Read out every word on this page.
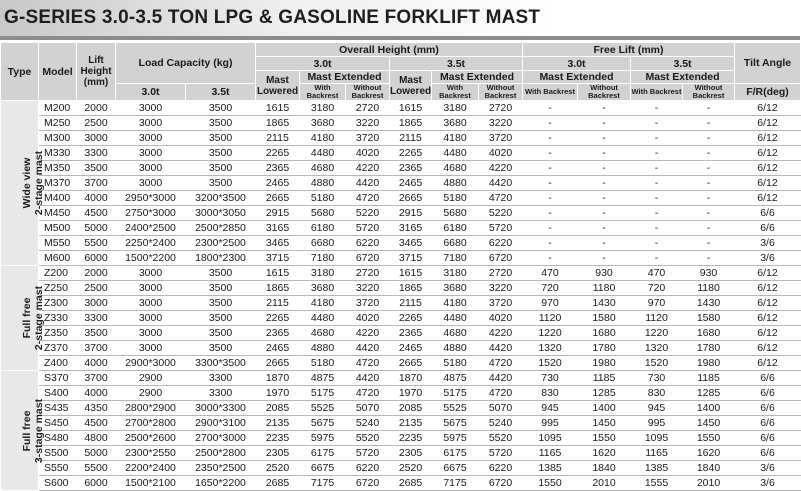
G-SERIES 3.0-3.5 TON LPG & GASOLINE FORKLIFT MAST
Type	Model	Lift Height (mm)	Load Capacity (kg)		Overall Height (mm)						Free Lift (mm)				Tilt Angle
					3.0t			3.5t			3.0t		3.5t		
					Mast Lowered	Mast Extended		Mast Lowered	Mast Extended		Mast Extended		Mast Extended		
			3.0t	3.5t		With Backrest	Without Backrest		With Backrest	Without Backrest	With Backrest	Without Backrest	With Backrest	Without Backrest	F/R(deg)

Wide view 2-stage mast	M200	2000	3000	3500	1615	3180	2720	1615	3180	2720	-	-	-	-	6/12
	M250	2500	3000	3500	1865	3680	3220	1865	3680	3220	-	-	-	-	6/12
	M300	3000	3000	3500	2115	4180	3720	2115	4180	3720	-	-	-	-	6/12
	M330	3300	3000	3500	2265	4480	4020	2265	4480	4020	-	-	-	-	6/12
	M350	3500	3000	3500	2365	4680	4220	2365	4680	4220	-	-	-	-	6/12
	M370	3700	3000	3500	2465	4880	4420	2465	4880	4420	-	-	-	-	6/12
	M400	4000	2950*3000	3200*3500	2665	5180	4720	2665	5180	4720	-	-	-	-	6/12
	M450	4500	2750*3000	3000*3050	2915	5680	5220	2915	5680	5220	-	-	-	-	6/6
	M500	5000	2400*2500	2500*2850	3165	6180	5720	3165	6180	5720	-	-	-	-	6/6
	M550	5500	2250*2400	2300*2500	3465	6680	6220	3465	6680	6220	-	-	-	-	3/6
	M600	6000	1500*2200	1800*2300	3715	7180	6720	3715	7180	6720	-	-	-	-	3/6

Full free 2-stage mast	Z200	2000	3000	3500	1615	3180	2720	1615	3180	2720	470	930	470	930	6/12
	Z250	2500	3000	3500	1865	3680	3220	1865	3680	3220	720	1180	720	1180	6/12
	Z300	3000	3000	3500	2115	4180	3720	2115	4180	3720	970	1430	970	1430	6/12
	Z330	3300	3000	3500	2265	4480	4020	2265	4480	4020	1120	1580	1120	1580	6/12
	Z350	3500	3000	3500	2365	4680	4220	2365	4680	4220	1220	1680	1220	1680	6/12
	Z370	3700	3000	3500	2465	4880	4420	2465	4880	4420	1320	1780	1320	1780	6/12
	Z400	4000	2900*3000	3300*3500	2665	5180	4720	2665	5180	4720	1520	1980	1520	1980	6/12

Full free 3-stage mast	S370	3700	2900	3300	1870	4875	4420	1870	4875	4420	730	1185	730	1185	6/6
	S400	4000	2900	3300	1970	5175	4720	1970	5175	4720	830	1285	830	1285	6/6
	S435	4350	2800*2900	3000*3300	2085	5525	5070	2085	5525	5070	945	1400	945	1400	6/6
	S450	4500	2700*2800	2900*3100	2135	5675	5240	2135	5675	5240	995	1450	995	1450	6/6
	S480	4800	2500*2600	2700*3000	2235	5975	5520	2235	5975	5520	1095	1550	1095	1550	6/6
	S500	5000	2300*2550	2500*2800	2305	6175	5720	2305	6175	5720	1165	1620	1165	1620	6/6
	S550	5500	2200*2400	2350*2500	2520	6675	6220	2520	6675	6220	1385	1840	1385	1840	3/6
	S600	6000	1500*2100	1650*2200	2685	7175	6720	2685	7175	6720	1550	2010	1555	2010	3/6
